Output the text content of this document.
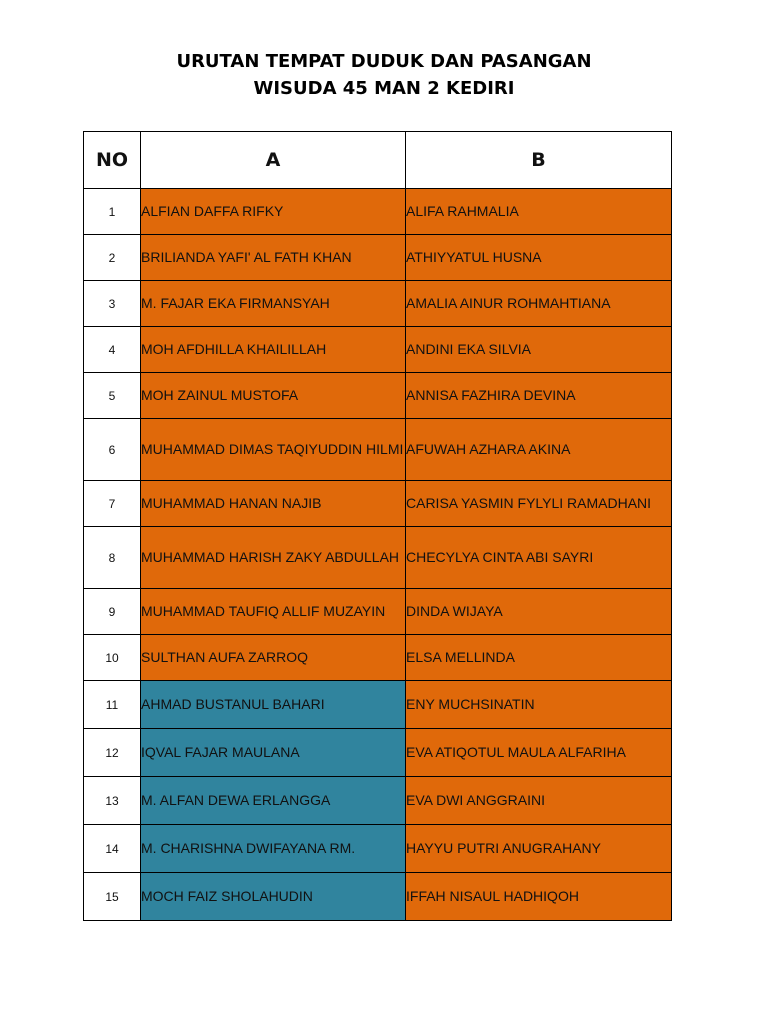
URUTAN TEMPAT DUDUK DAN PASANGAN
WISUDA 45 MAN 2 KEDIRI
NO	A	B
1	ALFIAN DAFFA RIFKY	ALIFA RAHMALIA
2	BRILIANDA YAFI' AL FATH KHAN	ATHIYYATUL HUSNA
3	M. FAJAR EKA FIRMANSYAH	AMALIA AINUR ROHMAHTIANA
4	MOH AFDHILLA KHAILILLAH	ANDINI EKA SILVIA
5	MOH ZAINUL MUSTOFA	ANNISA FAZHIRA DEVINA
6	MUHAMMAD DIMAS TAQIYUDDIN HILMI	AFUWAH AZHARA AKINA
7	MUHAMMAD HANAN NAJIB	CARISA YASMIN FYLYLI RAMADHANI
8	MUHAMMAD HARISH ZAKY ABDULLAH	CHECYLYA CINTA ABI SAYRI
9	MUHAMMAD TAUFIQ ALLIF MUZAYIN	DINDA WIJAYA
10	SULTHAN AUFA ZARROQ	ELSA MELLINDA
11	AHMAD BUSTANUL BAHARI	ENY MUCHSINATIN
12	IQVAL FAJAR MAULANA	EVA ATIQOTUL MAULA ALFARIHA
13	M. ALFAN DEWA ERLANGGA	EVA DWI ANGGRAINI
14	M. CHARISHNA DWIFAYANA RM.	HAYYU PUTRI ANUGRAHANY
15	MOCH FAIZ SHOLAHUDIN	IFFAH NISAUL HADHIQOH
